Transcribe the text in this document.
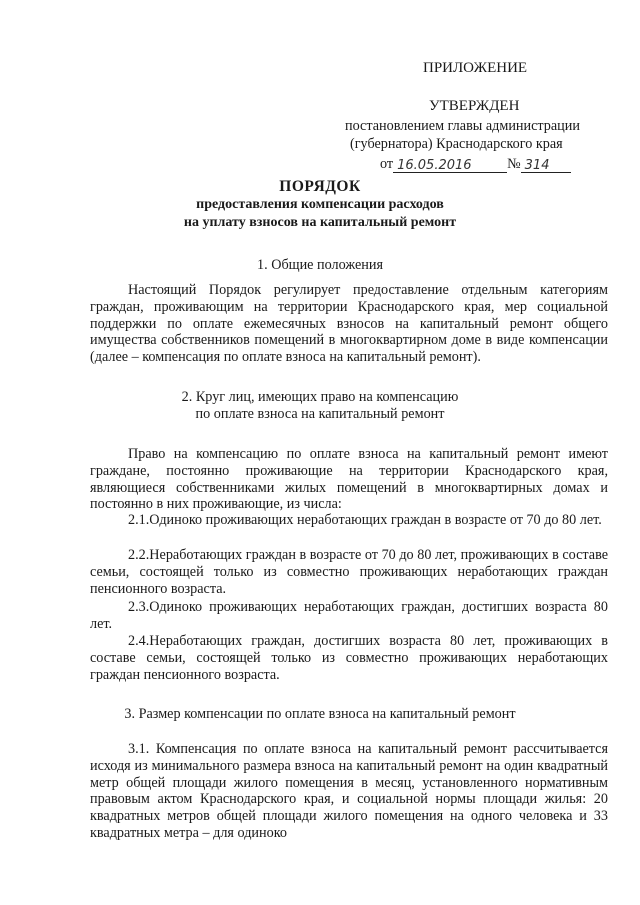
ПРИЛОЖЕНИЕ
УТВЕРЖДЕН
постановлением главы администрации
(губернатора) Краснодарского края
от 16.05.2016	№ 314
ПОРЯДОК
предоставления компенсации расходов
на уплату взносов на капитальный ремонт
1. Общие положения
Настоящий Порядок регулирует предоставление отдельным категориям граждан, проживающим на территории Краснодарского края, мер социальной поддержки по оплате ежемесячных взносов на капитальный ремонт общего имущества собственников помещений в многоквартирном доме в виде компенсации (далее – компенсация по оплате взноса на капитальный ремонт).
2. Круг лиц, имеющих право на компенсацию
по оплате взноса на капитальный ремонт
Право на компенсацию по оплате взноса на капитальный ремонт имеют граждане, постоянно проживающие на территории Краснодарского края, являющиеся собственниками жилых помещений в многоквартирных домах и постоянно в них проживающие, из числа:
2.1.Одиноко проживающих неработающих граждан в возрасте от 70 до 80 лет.
2.2.Неработающих граждан в возрасте от 70 до 80 лет, проживающих в составе семьи, состоящей только из совместно проживающих неработающих граждан пенсионного возраста.
2.3.Одиноко проживающих неработающих граждан, достигших возраста 80 лет.
2.4.Неработающих граждан, достигших возраста 80 лет, проживающих в составе семьи, состоящей только из совместно проживающих неработающих граждан пенсионного возраста.
3. Размер компенсации по оплате взноса на капитальный ремонт
3.1. Компенсация по оплате взноса на капитальный ремонт рассчитывается исходя из минимального размера взноса на капитальный ремонт на один квадратный метр общей площади жилого помещения в месяц, установленного нормативным правовым актом Краснодарского края, и социальной нормы площади жилья: 20 квадратных метров общей площади жилого помещения на одного человека и 33 квадратных метра – для одиноко
